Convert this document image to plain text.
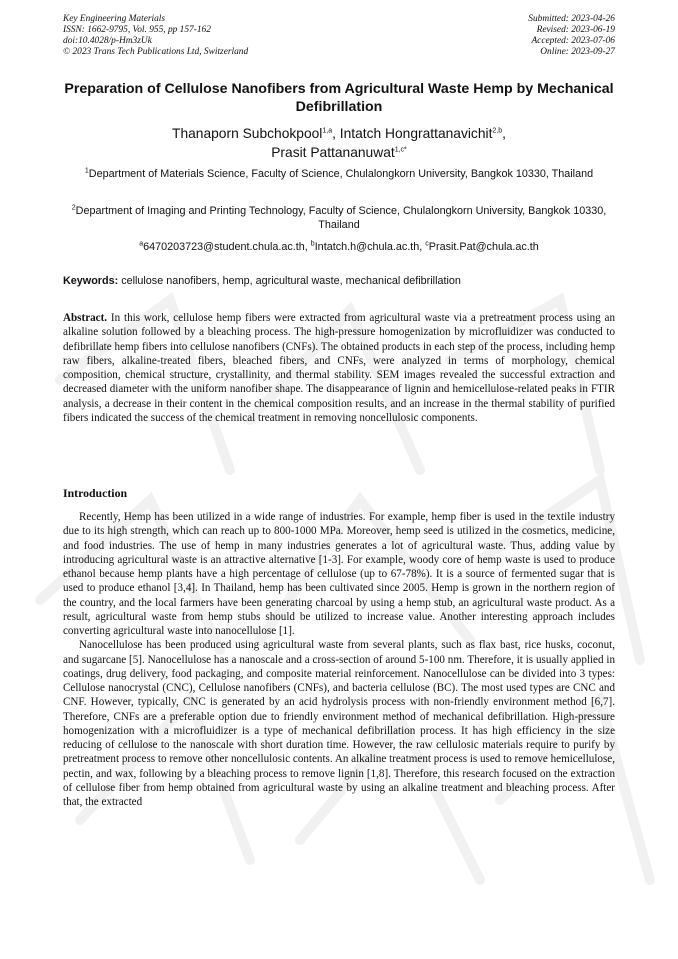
Key Engineering Materials
ISSN: 1662-9795, Vol. 955, pp 157-162
doi:10.4028/p-Hm3zUk
© 2023 Trans Tech Publications Ltd, Switzerland
Submitted: 2023-04-26
Revised: 2023-06-19
Accepted: 2023-07-06
Online: 2023-09-27
Preparation of Cellulose Nanofibers from Agricultural Waste Hemp by Mechanical Defibrillation
Thanaporn Subchokpool$^{1,a}$, Intatch Hongrattanavichit$^{2,b}$,
Prasit Pattananuwat$^{1,c*}$
$^1$Department of Materials Science, Faculty of Science, Chulalongkorn University, Bangkok 10330, Thailand
$^2$Department of Imaging and Printing Technology, Faculty of Science, Chulalongkorn University, Bangkok 10330, Thailand
$^a$6470203723@student.chula.ac.th, $^b$Intatch.h@chula.ac.th, $^c$Prasit.Pat@chula.ac.th
Keywords: cellulose nanofibers, hemp, agricultural waste, mechanical defibrillation
Abstract. In this work, cellulose hemp fibers were extracted from agricultural waste via a pretreatment process using an alkaline solution followed by a bleaching process. The high-pressure homogenization by microfluidizer was conducted to defibrillate hemp fibers into cellulose nanofibers (CNFs). The obtained products in each step of the process, including hemp raw fibers, alkaline-treated fibers, bleached fibers, and CNFs, were analyzed in terms of morphology, chemical composition, chemical structure, crystallinity, and thermal stability. SEM images revealed the successful extraction and decreased diameter with the uniform nanofiber shape. The disappearance of lignin and hemicellulose-related peaks in FTIR analysis, a decrease in their content in the chemical composition results, and an increase in the thermal stability of purified fibers indicated the success of the chemical treatment in removing noncellulosic components.
Introduction

Recently, Hemp has been utilized in a wide range of industries. For example, hemp fiber is used in the textile industry due to its high strength, which can reach up to 800-1000 MPa. Moreover, hemp seed is utilized in the cosmetics, medicine, and food industries. The use of hemp in many industries generates a lot of agricultural waste. Thus, adding value by introducing agricultural waste is an attractive alternative [1-3]. For example, woody core of hemp waste is used to produce ethanol because hemp plants have a high percentage of cellulose (up to 67-78%). It is a source of fermented sugar that is used to produce ethanol [3,4]. In Thailand, hemp has been cultivated since 2005. Hemp is grown in the northern region of the country, and the local farmers have been generating charcoal by using a hemp stub, an agricultural waste product. As a result, agricultural waste from hemp stubs should be utilized to increase value. Another interesting approach includes converting agricultural waste into nanocellulose [1].

Nanocellulose has been produced using agricultural waste from several plants, such as flax bast, rice husks, coconut, and sugarcane [5]. Nanocellulose has a nanoscale and a cross-section of around 5-100 nm. Therefore, it is usually applied in coatings, drug delivery, food packaging, and composite material reinforcement. Nanocellulose can be divided into 3 types: Cellulose nanocrystal (CNC), Cellulose nanofibers (CNFs), and bacteria cellulose (BC). The most used types are CNC and CNF. However, typically, CNC is generated by an acid hydrolysis process with non-friendly environment method [6,7]. Therefore, CNFs are a preferable option due to friendly environment method of mechanical defibrillation. High-pressure homogenization with a microfluidizer is a type of mechanical defibrillation process. It has high efficiency in the size reducing of cellulose to the nanoscale with short duration time. However, the raw cellulosic materials require to purify by pretreatment process to remove other noncellulosic contents. An alkaline treatment process is used to remove hemicellulose, pectin, and wax, following by a bleaching process to remove lignin [1,8]. Therefore, this research focused on the extraction of cellulose fiber from hemp obtained from agricultural waste by using an alkaline treatment and bleaching process. After that, the extracted
